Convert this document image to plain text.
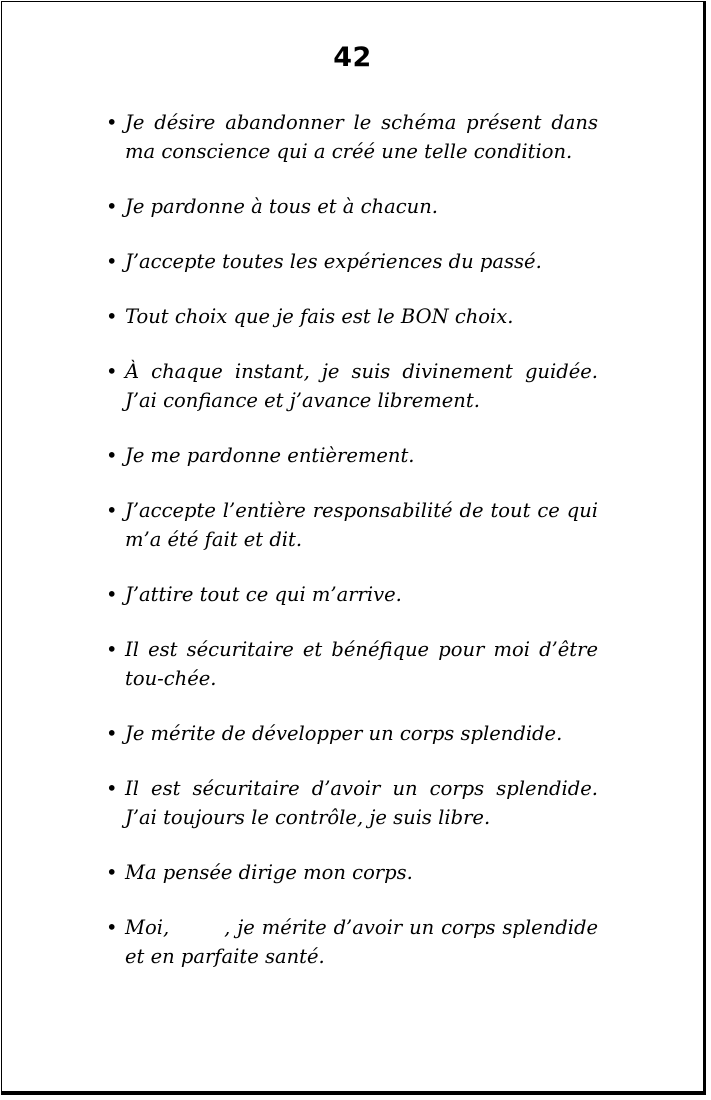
42
• Je désire abandonner le schéma présent dans ma conscience qui a créé une telle condition.
• Je pardonne à tous et à chacun.
• J’accepte toutes les expériences du passé.
• Tout choix que je fais est le BON choix.
• À chaque instant, je suis divinement guidée. J’ai confiance et j’avance librement.
• Je me pardonne entièrement.
• J’accepte l’entière responsabilité de tout ce qui m’a été fait et dit.
• J’attire tout ce qui m’arrive.
• Il est sécuritaire et bénéfique pour moi d’être tou-chée.
• Je mérite de développer un corps splendide.
• Il est sécuritaire d’avoir un corps splendide. J’ai toujours le contrôle, je suis libre.
• Ma pensée dirige mon corps.
• Moi,        , je mérite d’avoir un corps splendide et en parfaite santé.
